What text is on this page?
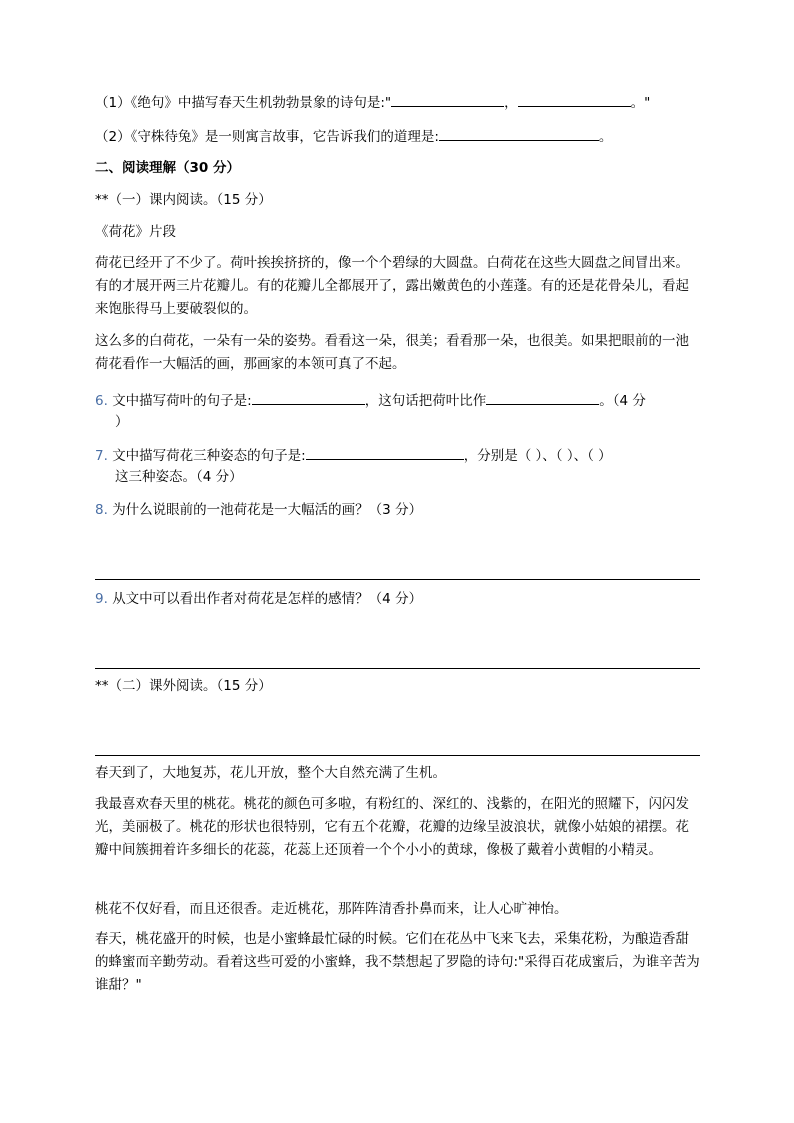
（1）《绝句》中描写春天生机勃勃景象的诗句是:"	，	。"
（2）《守株待兔》是一则寓言故事，它告诉我们的道理是:	。
二、阅读理解（30 分）
**（一）课内阅读。（15 分）
《荷花》片段
荷花已经开了不少了。荷叶挨挨挤挤的，像一个个碧绿的大圆盘。白荷花在这些大圆盘之间冒出来。有的才展开两三片花瓣儿。有的花瓣儿全都展开了，露出嫩黄色的小莲蓬。有的还是花骨朵儿，看起来饱胀得马上要破裂似的。
这么多的白荷花，一朵有一朵的姿势。看看这一朵，很美；看看那一朵，也很美。如果把眼前的一池荷花看作一大幅活的画，那画家的本领可真了不起。
6. 文中描写荷叶的句子是:	，这句话把荷叶比作	。（4 分
）
7. 文中描写荷花三种姿态的句子是:	，分别是（ ）、（ ）、（ ）
这三种姿态。（4 分）
8. 为什么说眼前的一池荷花是一大幅活的画？（3 分）
9. 从文中可以看出作者对荷花是怎样的感情？（4 分）
**（二）课外阅读。（15 分）
春天到了，大地复苏，花儿开放，整个大自然充满了生机。
我最喜欢春天里的桃花。桃花的颜色可多啦，有粉红的、深红的、浅紫的，在阳光的照耀下，闪闪发光，美丽极了。桃花的形状也很特别，它有五个花瓣，花瓣的边缘呈波浪状，就像小姑娘的裙摆。花瓣中间簇拥着许多细长的花蕊，花蕊上还顶着一个个小小的黄球，像极了戴着小黄帽的小精灵。
桃花不仅好看，而且还很香。走近桃花，那阵阵清香扑鼻而来，让人心旷神怡。
春天，桃花盛开的时候，也是小蜜蜂最忙碌的时候。它们在花丛中飞来飞去，采集花粉，为酿造香甜的蜂蜜而辛勤劳动。看着这些可爱的小蜜蜂，我不禁想起了罗隐的诗句:"采得百花成蜜后，为谁辛苦为谁甜？"
